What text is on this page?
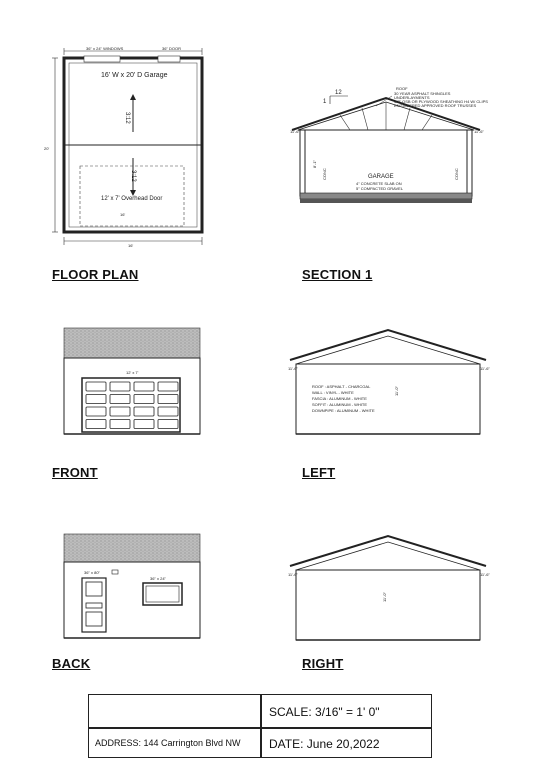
36" x 24" WINDOWS	36" DOOR
20'
3:12
3:12
16' W x 20' D Garage
12' x 7' Overhead Door
16'
16'
FLOOR PLAN
ROOF
30 YEAR ASPHALT SHINGLES
UNDERLAYMENTS
3/8" OSB OR PLYWOOD SHEATHING H4 W/ CLIPS
ENGINEERED APPROVED ROOF TRUSSES
12
1
11'-6"	11'-6"
8'-1"
CONC	CONC
GARAGE
4" CONCRETE SLAB ON
5" COMPACTED GRAVEL
SECTION 1
12' x 7'
FRONT
11'-6"	11'-6"
11'-0"
ROOF : ASPHALT - CHARCOAL
WALL : VINYL - WHITE
FASCIA : ALUMINUM - WHITE
SOFFIT : ALUMINUM - WHITE
DOWNPIPE : ALUMINUM - WHITE
LEFT
36" x 80"
36" x 24"
BACK
11'-6"	11'-6"
11'-0"
RIGHT
SCALE: 3/16" = 1' 0"
ADDRESS: 144 Carrington Blvd NW DATE: June 20,2022
